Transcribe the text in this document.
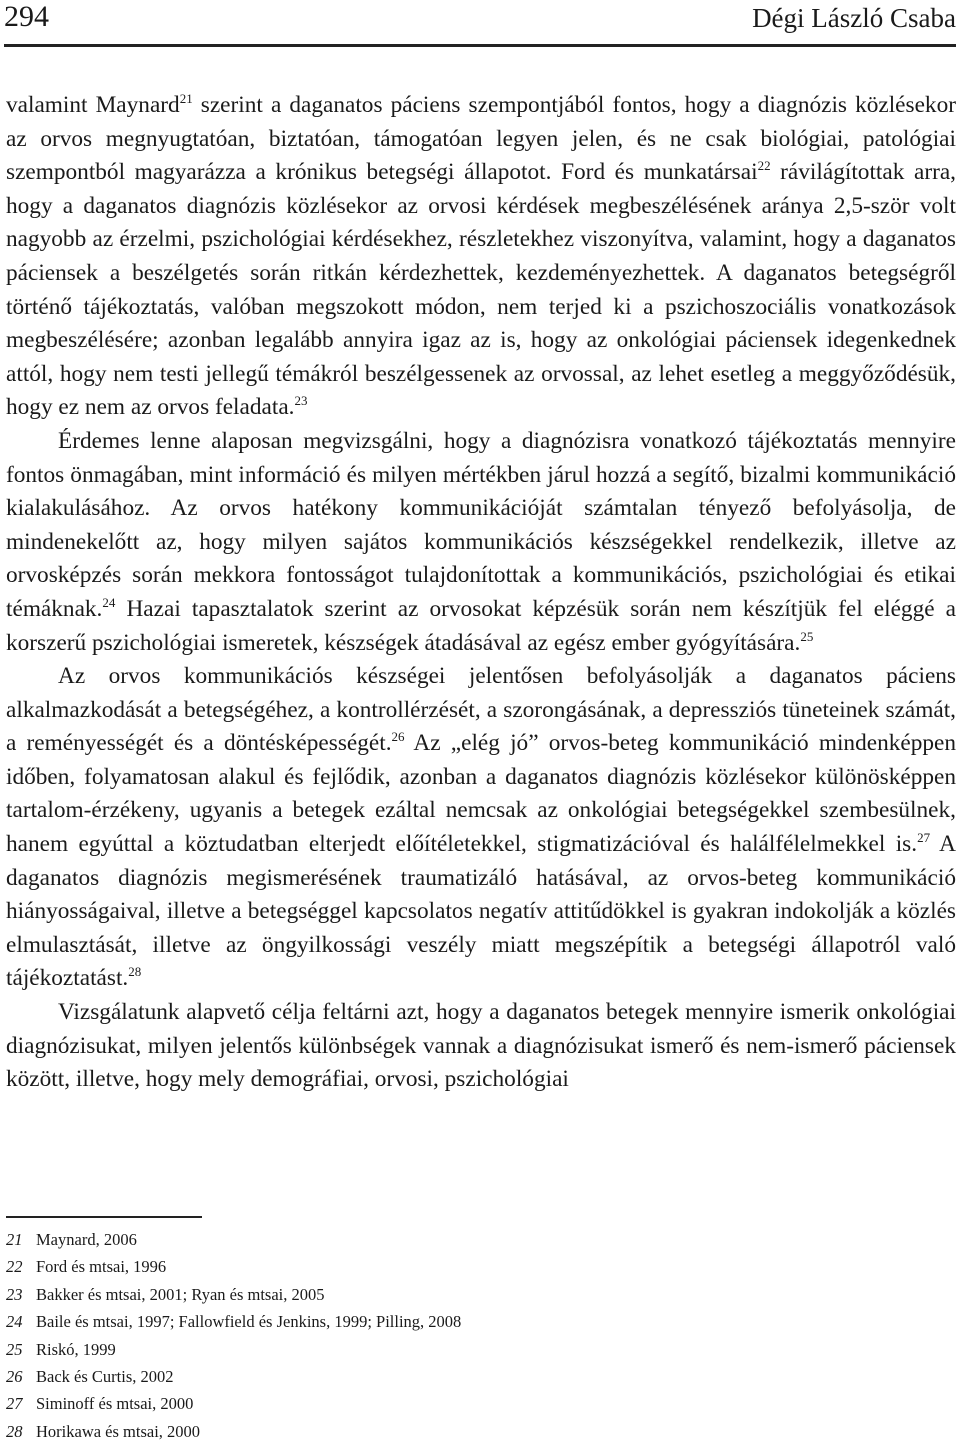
294	Dégi László Csaba

valamint Maynard$^{21}$ szerint a daganatos páciens szempontjából fontos, hogy a diagnózis közlésekor az orvos megnyugtatóan, biztatóan, támogatóan legyen jelen, és ne csak biológiai, patológiai szempontból magyarázza a krónikus betegségi állapotot. Ford és munkatársai$^{22}$ rávilágítottak arra, hogy a daganatos diagnózis közlésekor az orvosi kérdések megbeszélésének aránya 2,5-ször volt nagyobb az érzelmi, pszichológiai kérdésekhez, részletekhez viszonyítva, valamint, hogy a daganatos páciensek a beszélgetés során ritkán kérdezhettek, kezdeményezhettek. A daganatos betegségről történő tájékoztatás, valóban megszokott módon, nem terjed ki a pszichoszociális vonatkozások megbeszélésére; azonban legalább annyira igaz az is, hogy az onkológiai páciensek idegenkednek attól, hogy nem testi jellegű témákról beszélgessenek az orvossal, az lehet esetleg a meggyőződésük, hogy ez nem az orvos feladata.$^{23}$

Érdemes lenne alaposan megvizsgálni, hogy a diagnózisra vonatkozó tájékoztatás mennyire fontos önmagában, mint információ és milyen mértékben járul hozzá a segítő, bizalmi kommunikáció kialakulásához. Az orvos hatékony kommunikációját számtalan tényező befolyásolja, de mindenekelőtt az, hogy milyen sajátos kommunikációs készségekkel rendelkezik, illetve az orvosképzés során mekkora fontosságot tulajdonítottak a kommunikációs, pszichológiai és etikai témáknak.$^{24}$ Hazai tapasztalatok szerint az orvosokat képzésük során nem készítjük fel eléggé a korszerű pszichológiai ismeretek, készségek átadásával az egész ember gyógyítására.$^{25}$

Az orvos kommunikációs készségei jelentősen befolyásolják a daganatos páciens alkalmazkodását a betegségéhez, a kontrollérzését, a szorongásának, a depressziós tüneteinek számát, a reményességét és a döntésképességét.$^{26}$ Az „elég jó” orvos-beteg kommunikáció mindenképpen időben, folyamatosan alakul és fejlődik, azonban a daganatos diagnózis közlésekor különösképpen tartalom-érzékeny, ugyanis a betegek ezáltal nemcsak az onkológiai betegségekkel szembesülnek, hanem egyúttal a köztudatban elterjedt előítéletekkel, stigmatizációval és halálfélelmekkel is.$^{27}$ A daganatos diagnózis megismerésének traumatizáló hatásával, az orvos-beteg kommunikáció hiányosságaival, illetve a betegséggel kapcsolatos negatív attitűdökkel is gyakran indokolják a közlés elmulasztását, illetve az öngyilkossági veszély miatt megszépítik a betegségi állapotról való tájékoztatást.$^{28}$

Vizsgálatunk alapvető célja feltárni azt, hogy a daganatos betegek mennyire ismerik onkológiai diagnózisukat, milyen jelentős különbségek vannak a diagnózisukat ismerő és nem-ismerő páciensek között, illetve, hogy mely demográfiai, orvosi, pszichológiai

21 Maynard, 2006
22 Ford és mtsai, 1996
23 Bakker és mtsai, 2001; Ryan és mtsai, 2005
24 Baile és mtsai, 1997; Fallowfield és Jenkins, 1999; Pilling, 2008
25 Riskó, 1999
26 Back és Curtis, 2002
27 Siminoff és mtsai, 2000
28 Horikawa és mtsai, 2000
